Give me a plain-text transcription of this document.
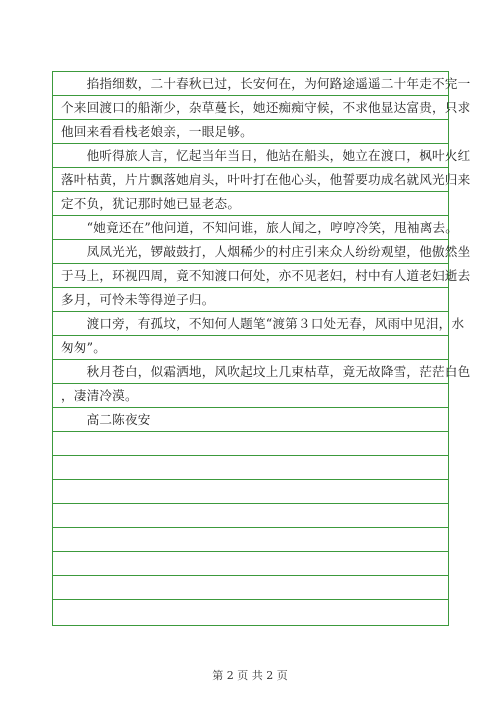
　　掐指细数，二十春秋已过，长安何在，为何路途遥遥二十年走不完一
个来回渡口的船渐少，杂草蔓长，她还痴痴守候，不求他显达富贵，只求
他回来看看栈老娘亲，一眼足够。
　　他听得旅人言，忆起当年当日，他站在船头，她立在渡口，枫叶火红
落叶枯黄，片片飘落她肩头，叶叶打在他心头，他誓要功成名就风光归来
定不负，犹记那时她已显老态。
　　“她竟还在”他问道，不知问谁，旅人闻之，哼哼冷笑，甩袖离去。
　　凤凤光光，锣敲鼓打，人烟稀少的村庄引来众人纷纷观望，他傲然坐
于马上，环视四周，竟不知渡口何处，亦不见老妇，村中有人道老妇逝去
多月，可怜未等得逆子归。
　　渡口旁，有孤坟，不知何人题笔“渡第３口处无春，风雨中见泪，水
匆匆”。
　　秋月苍白，似霜洒地，风吹起坟上几束枯草，竟无故降雪，茫茫白色
，凄清冷漠。
　　高二陈夜安
第 2 页 共 2 页
